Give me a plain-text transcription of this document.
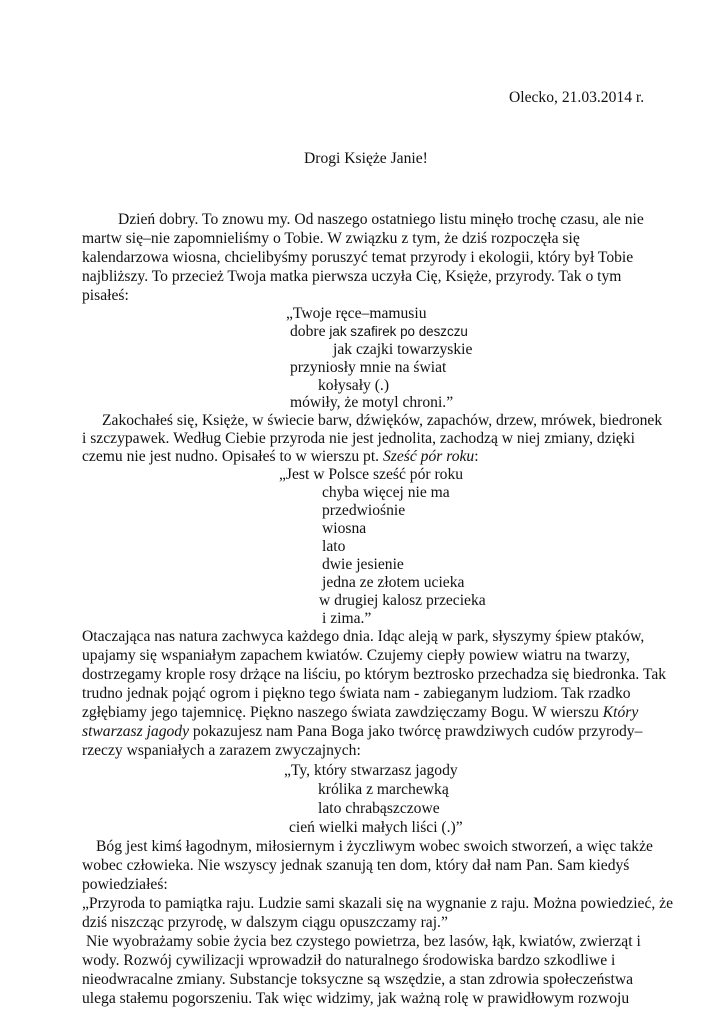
Olecko, 21.03.2014 r.
Drogi Księże Janie!
Dzień dobry. To znowu my. Od naszego ostatniego listu minęło trochę czasu, ale nie
martw się–nie zapomnieliśmy o Tobie. W związku z tym, że dziś rozpoczęła się
kalendarzowa wiosna, chcielibyśmy poruszyć temat przyrody i ekologii, który był Tobie
najbliższy. To przecież Twoja matka pierwsza uczyła Cię, Księże, przyrody. Tak o tym
pisałeś:
„Twoje ręce–mamusiu
dobre jak szafirek po deszczu
jak czajki towarzyskie
przyniosły mnie na świat
kołysały (.)
mówiły, że motyl chroni.”
Zakochałeś się, Księże, w świecie barw, dźwięków, zapachów, drzew, mrówek, biedronek
i szczypawek. Według Ciebie przyroda nie jest jednolita, zachodzą w niej zmiany, dzięki
czemu nie jest nudno. Opisałeś to w wierszu pt. Sześć pór roku:
„Jest w Polsce sześć pór roku
chyba więcej nie ma
przedwiośnie
wiosna
lato
dwie jesienie
jedna ze złotem ucieka
w drugiej kalosz przecieka
i zima.”
Otaczająca nas natura zachwyca każdego dnia. Idąc aleją w park, słyszymy śpiew ptaków,
upajamy się wspaniałym zapachem kwiatów. Czujemy ciepły powiew wiatru na twarzy,
dostrzegamy krople rosy drżące na liściu, po którym beztrosko przechadza się biedronka. Tak
trudno jednak pojąć ogrom i piękno tego świata nam - zabieganym ludziom. Tak rzadko
zgłębiamy jego tajemnicę. Piękno naszego świata zawdzięczamy Bogu. W wierszu Który
stwarzasz jagody pokazujesz nam Pana Boga jako twórcę prawdziwych cudów przyrody–
rzeczy wspaniałych a zarazem zwyczajnych:
„Ty, który stwarzasz jagody
królika z marchewką
lato chrabąszczowe
cień wielki małych liści (.)”
Bóg jest kimś łagodnym, miłosiernym i życzliwym wobec swoich stworzeń, a więc także
wobec człowieka. Nie wszyscy jednak szanują ten dom, który dał nam Pan. Sam kiedyś
powiedziałeś:
„Przyroda to pamiątka raju. Ludzie sami skazali się na wygnanie z raju. Można powiedzieć, że
dziś niszcząc przyrodę, w dalszym ciągu opuszczamy raj.”
Nie wyobrażamy sobie życia bez czystego powietrza, bez lasów, łąk, kwiatów, zwierząt i
wody. Rozwój cywilizacji wprowadził do naturalnego środowiska bardzo szkodliwe i
nieodwracalne zmiany. Substancje toksyczne są wszędzie, a stan zdrowia społeczeństwa
ulega stałemu pogorszeniu. Tak więc widzimy, jak ważną rolę w prawidłowym rozwoju
